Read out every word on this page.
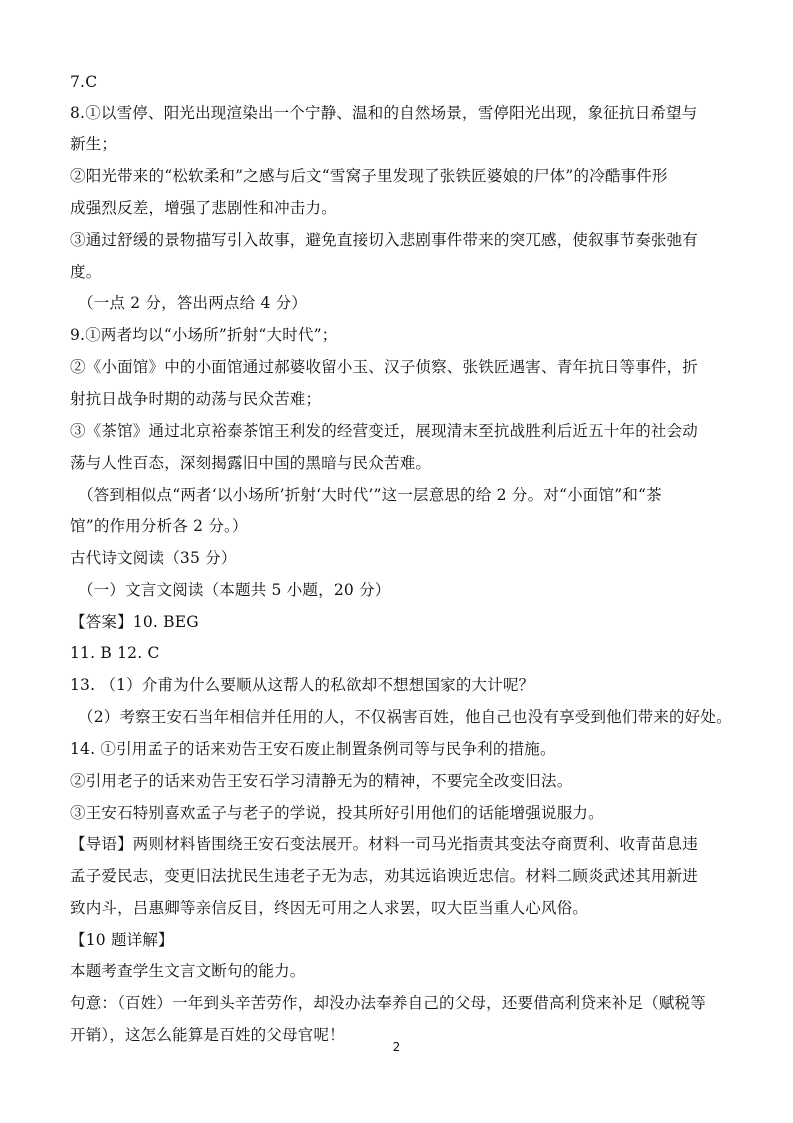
7.C
8.①以雪停、阳光出现渲染出一个宁静、温和的自然场景，雪停阳光出现，象征抗日希望与
新生；
②阳光带来的“松软柔和”之感与后文“雪窝子里发现了张铁匠婆娘的尸体”的冷酷事件形
成强烈反差，增强了悲剧性和冲击力。
③通过舒缓的景物描写引入故事，避免直接切入悲剧事件带来的突兀感，使叙事节奏张弛有
度。
（一点 2 分，答出两点给 4 分）
9.①两者均以“小场所”折射“大时代”；
②《小面馆》中的小面馆通过郝婆收留小玉、汉子侦察、张铁匠遇害、青年抗日等事件，折
射抗日战争时期的动荡与民众苦难；
③《茶馆》通过北京裕泰茶馆王利发的经营变迁，展现清末至抗战胜利后近五十年的社会动
荡与人性百态，深刻揭露旧中国的黑暗与民众苦难。
（答到相似点“两者‘以小场所’折射‘大时代’”这一层意思的给 2 分。对“小面馆”和“茶
馆”的作用分析各 2 分。）
古代诗文阅读（35 分）
（一）文言文阅读（本题共 5 小题，20 分）
【答案】10. BEG
11. B 12. C
13. （1）介甫为什么要顺从这帮人的私欲却不想想国家的大计呢？
（2）考察王安石当年相信并任用的人，不仅祸害百姓，他自己也没有享受到他们带来的好处。
14. ①引用孟子的话来劝告王安石废止制置条例司等与民争利的措施。
②引用老子的话来劝告王安石学习清静无为的精神，不要完全改变旧法。
③王安石特别喜欢孟子与老子的学说，投其所好引用他们的话能增强说服力。
【导语】两则材料皆围绕王安石变法展开。材料一司马光指责其变法夺商贾利、收青苗息违
孟子爱民志，变更旧法扰民生违老子无为志，劝其远谄谀近忠信。材料二顾炎武述其用新进
致内斗，吕惠卿等亲信反目，终因无可用之人求罢，叹大臣当重人心风俗。
【10 题详解】
本题考查学生文言文断句的能力。
句意：（百姓）一年到头辛苦劳作，却没办法奉养自己的父母，还要借高利贷来补足（赋税等
开销），这怎么能算是百姓的父母官呢！
2
